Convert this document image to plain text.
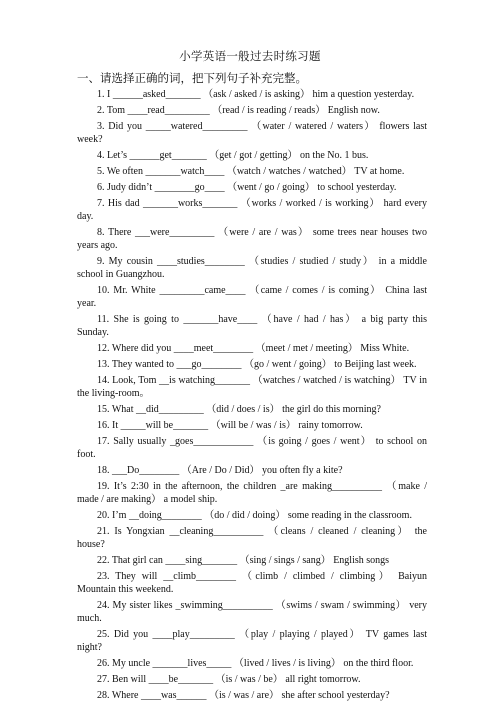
小学英语一般过去时练习题
一、请选择正确的词，把下列句子补充完整。
1. I ______asked_______ （ask / asked / is asking） him a question yesterday.
2. Tom ____read_________ （read / is reading / reads） English now.
3. Did you _____watered_________ （water / watered / waters） flowers last week?
4. Let’s ______get_______ （get / got / getting） on the No. 1 bus.
5. We often _______watch____ （watch / watches / watched） TV at home.
6. Judy didn’t ________go____ （went / go / going） to school yesterday.
7. His dad _______works_______ （works / worked / is working） hard every day.
8. There ___were_________ （were / are / was） some trees near houses two years ago.
9. My cousin ____studies________ （studies / studied / study） in a middle school in Guangzhou.
10. Mr. White _________came____ （came / comes / is coming） China last year.
11. She is going to _______have____ （have / had / has） a big party this Sunday.
12. Where did you ____meet________ （meet / met / meeting） Miss White.
13. They wanted to ___go________ （go / went / going） to Beijing last week.
14. Look, Tom __is watching_______ （watches / watched / is watching） TV in the living-room。
15. What __did_________ （did / does / is） the girl do this morning?
16. It _____will be_______ （will be / was / is） rainy tomorrow.
17. Sally usually _goes____________ （is going / goes / went） to school on foot.
18. ___Do________ （Are / Do / Did） you often fly a kite?
19. It’s 2:30 in the afternoon, the children _are making__________ （make / made / are making） a model ship.
20. I’m __doing________ （do / did / doing） some reading in the classroom.
21. Is Yongxian __cleaning__________ （cleans / cleaned / cleaning） the house?
22. That girl can ____sing_______ （sing / sings / sang） English songs
23. They will __climb________ （climb / climbed / climbing） Baiyun Mountain this weekend.
24. My sister likes _swimming__________ （swims / swam / swimming） very much.
25. Did you ____play_________ （play / playing / played） TV games last night?
26. My uncle _______lives_____ （lived / lives / is living） on the third floor.
27. Ben will ____be_______ （is / was / be） all right tomorrow.
28. Where ____was______ （is / was / are） she after school yesterday?
